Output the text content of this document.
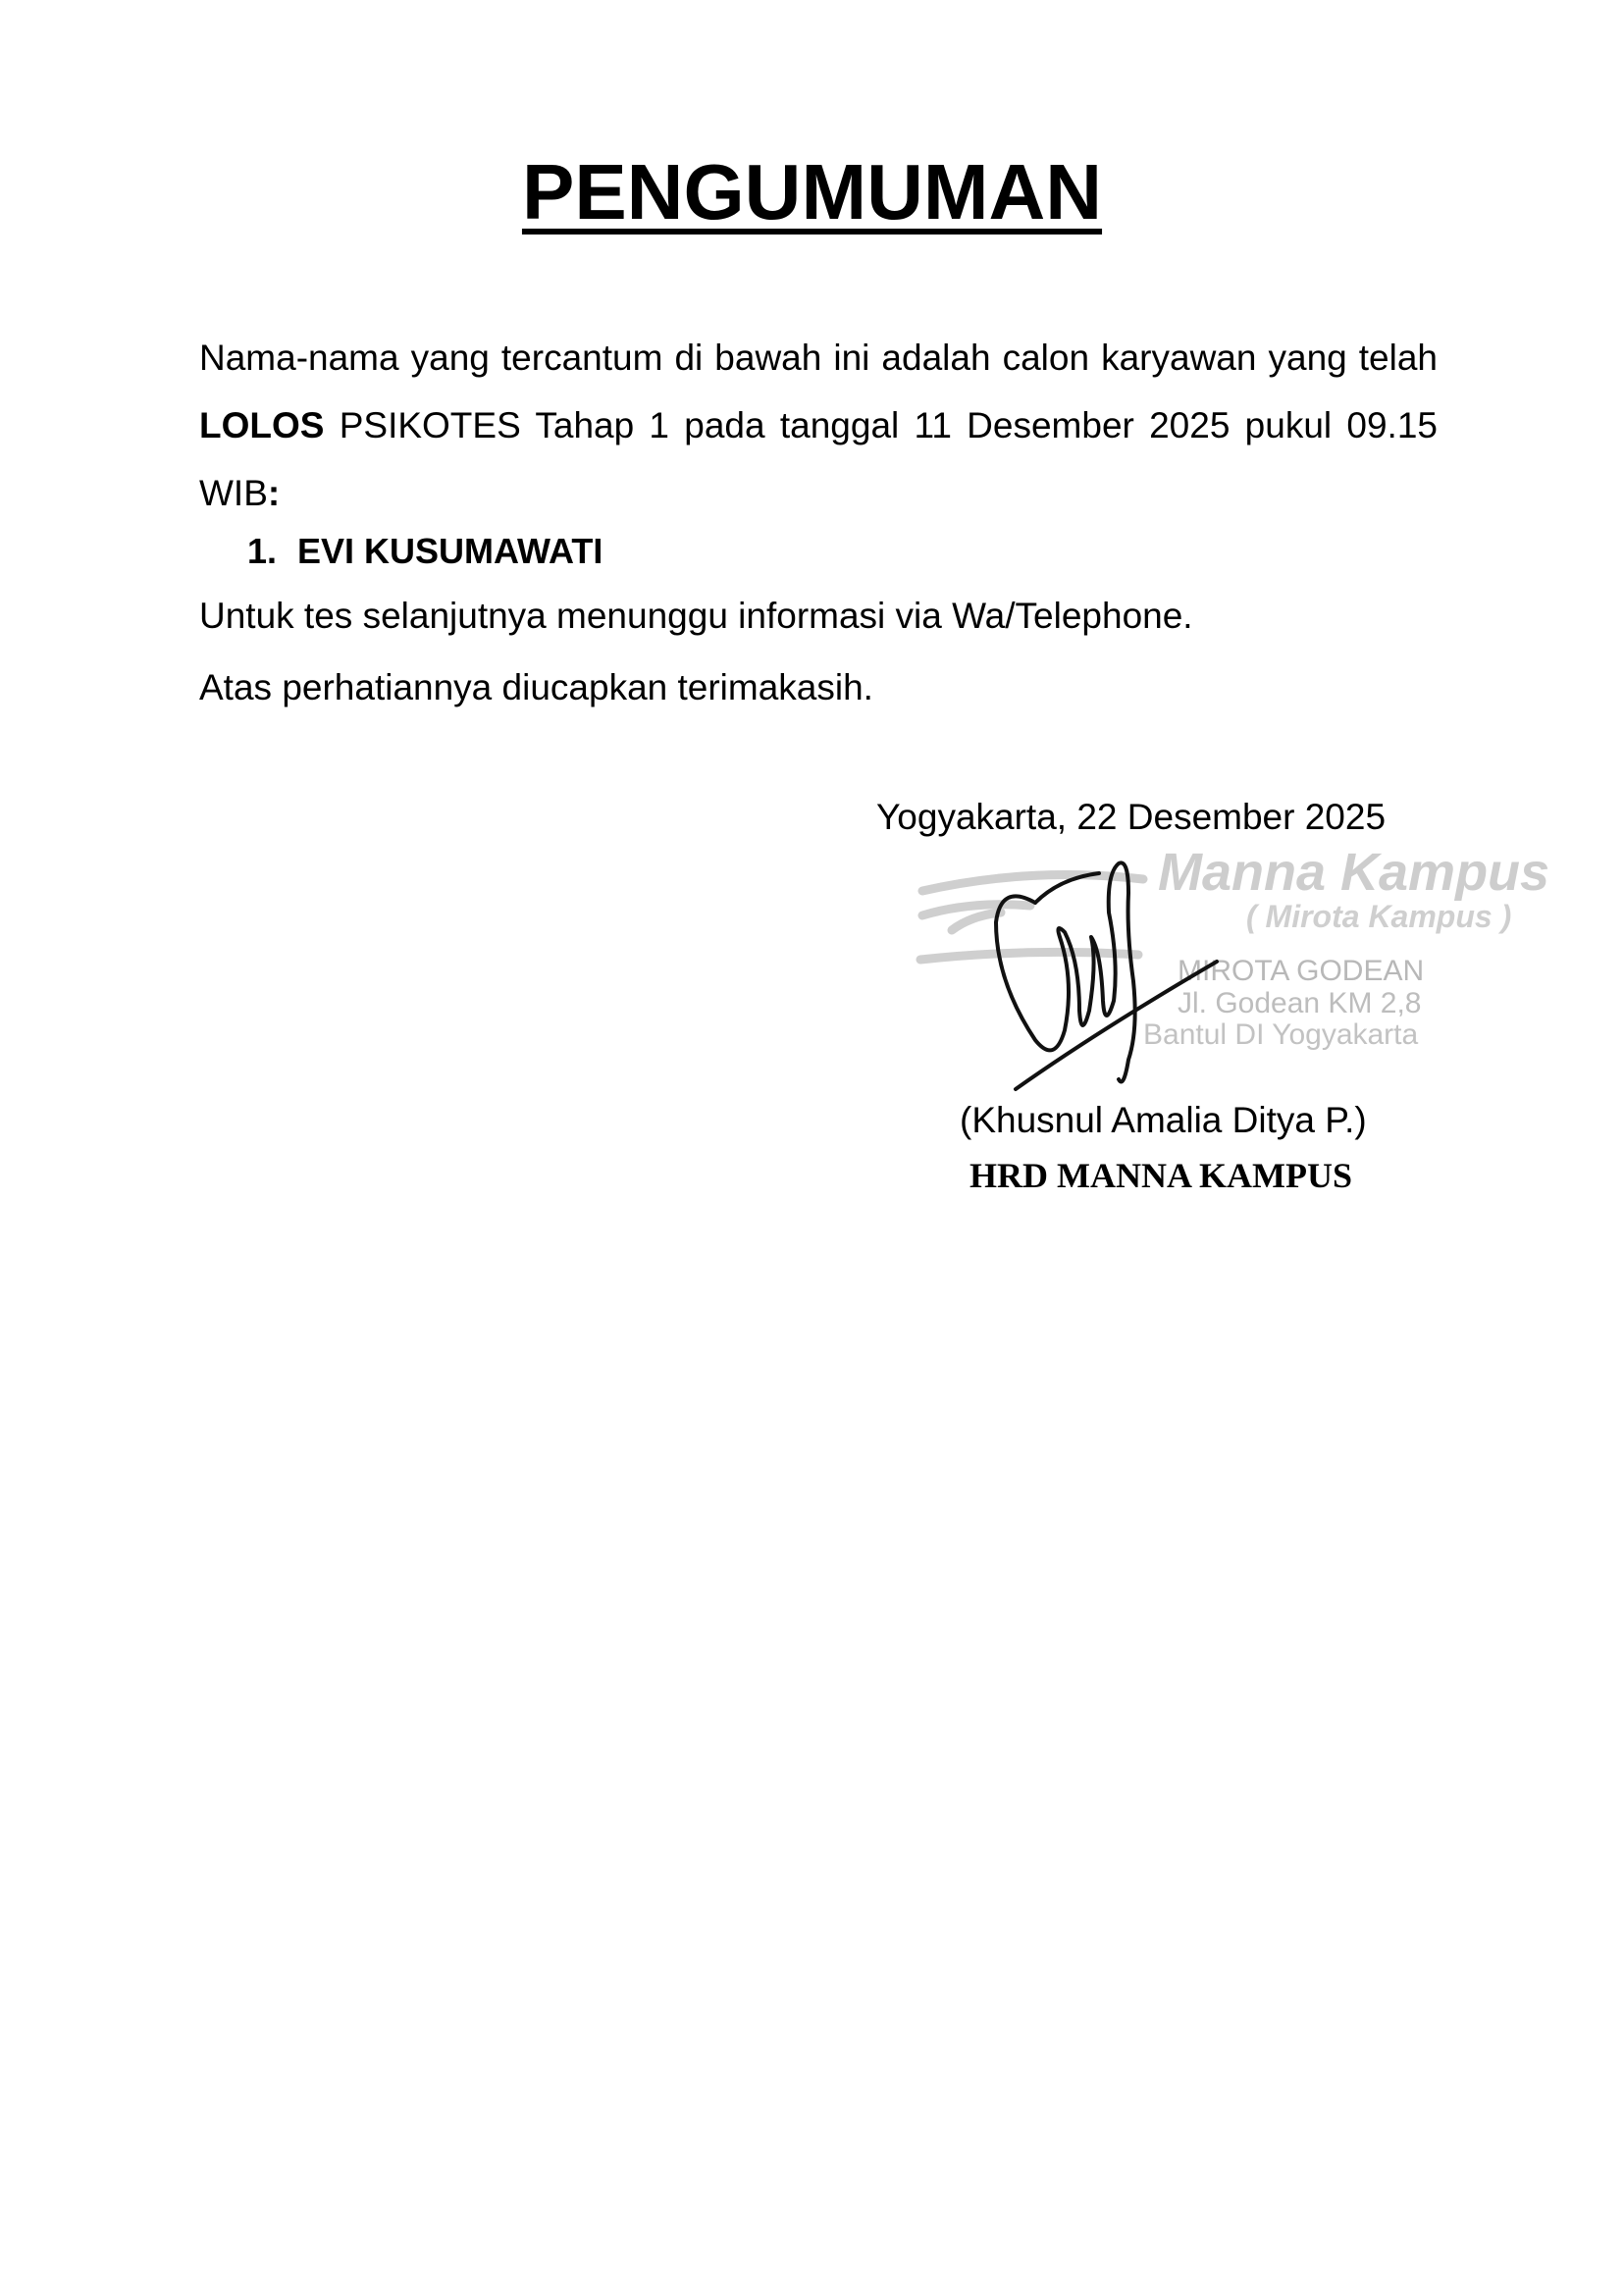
PENGUMUMAN

Nama-nama yang tercantum di bawah ini adalah calon karyawan yang telah LOLOS PSIKOTES Tahap 1 pada tanggal 11 Desember 2025 pukul 09.15 WIB:

1. EVI KUSUMAWATI

Untuk tes selanjutnya menunggu informasi via Wa/Telephone.

Atas perhatiannya diucapkan terimakasih.

Yogyakarta, 22 Desember 2025

Manna Kampus
( Mirota Kampus )
MIROTA GODEAN
Jl. Godean KM 2,8
Bantul DI Yogyakarta

(Khusnul Amalia Ditya P.)

HRD MANNA KAMPUS
